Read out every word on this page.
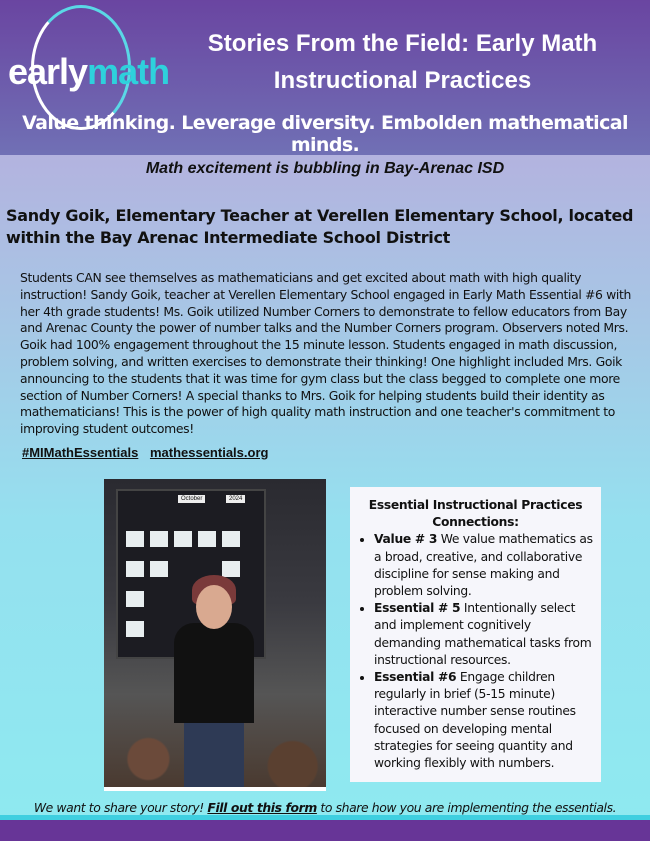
earlymath
Stories From the Field: Early Math
Instructional Practices
Value thinking. Leverage diversity. Embolden mathematical minds.
Math excitement is bubbling in Bay-Arenac ISD
Sandy Goik, Elementary Teacher at Verellen Elementary School, located within the Bay Arenac Intermediate School District
Students CAN see themselves as mathematicians and get excited about math with high quality instruction! Sandy Goik, teacher at Verellen Elementary School engaged in Early Math Essential #6 with her 4th grade students! Ms. Goik utilized Number Corners to demonstrate to fellow educators from Bay and Arenac County the power of number talks and the Number Corners program. Observers noted Mrs. Goik had 100% engagement throughout the 15 minute lesson. Students engaged in math discussion, problem solving, and written exercises to demonstrate their thinking! One highlight included Mrs. Goik announcing to the students that it was time for gym class but the class begged to complete one more section of Number Corners! A special thanks to Mrs. Goik for helping students build their identity as mathematicians! This is the power of high quality math instruction and one teacher's commitment to improving student outcomes!
#MIMathEssentials mathessentials.org
October	2024	Essential Instructional Practices Connections:
• Value # 3 We value mathematics as a broad, creative, and collaborative discipline for sense making and problem solving.
• Essential # 5 Intentionally select and implement cognitively demanding mathematical tasks from instructional resources.
• Essential #6 Engage children regularly in brief (5-15 minute) interactive number sense routines focused on developing mental strategies for seeing quantity and working flexibly with numbers.
We want to share your story! Fill out this form to share how you are implementing the essentials.
